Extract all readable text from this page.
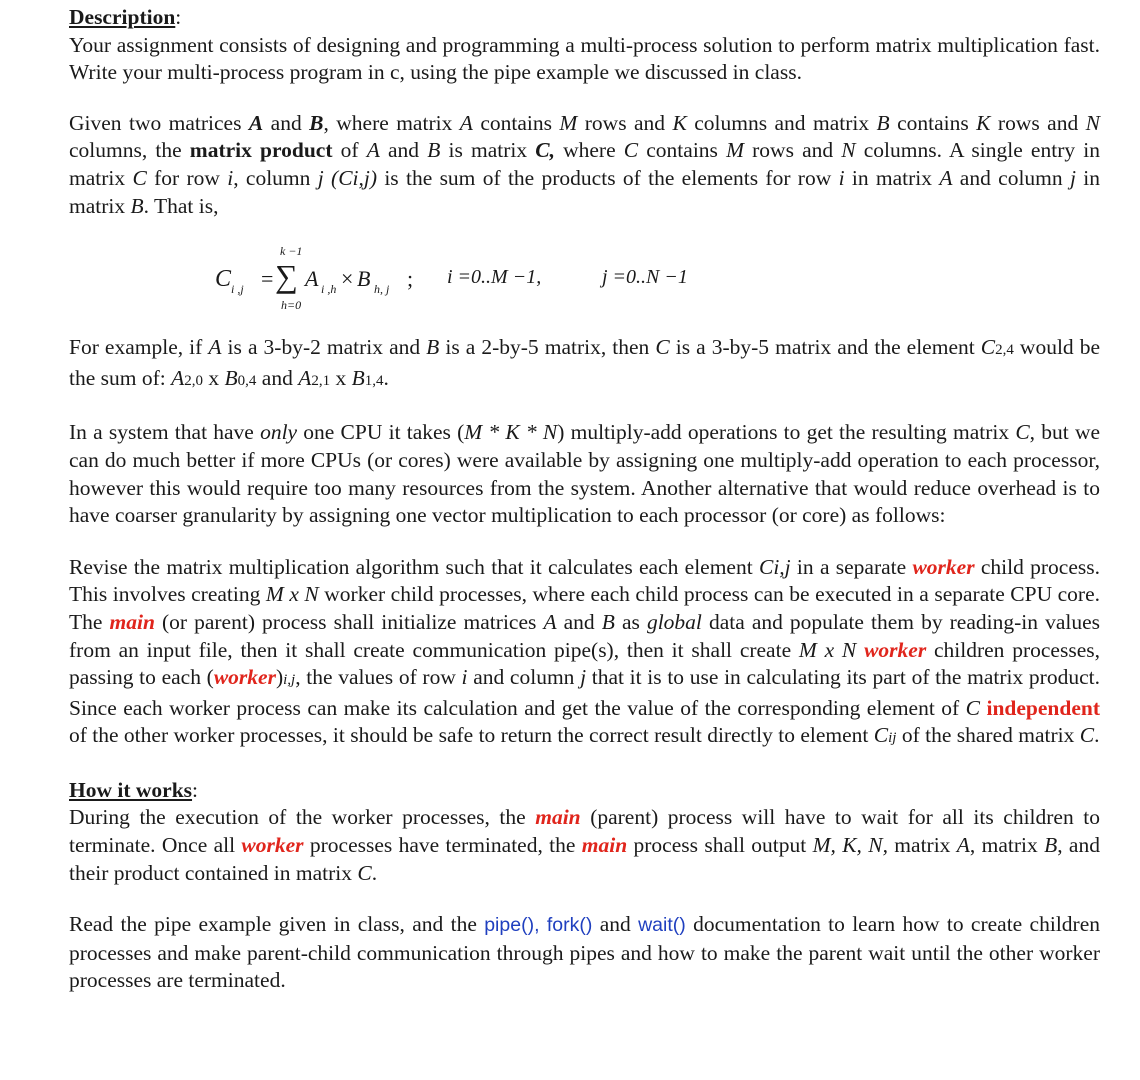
Description:

Your assignment consists of designing and programming a multi-process solution to perform matrix multiplication fast. Write your multi-process program in c, using the pipe example we discussed in class.

Given two matrices A and B, where matrix A contains M rows and K columns and matrix B contains K rows and N columns, the matrix product of A and B is matrix C, where C contains M rows and N columns. A single entry in matrix C for row i, column j (Ci,j) is the sum of the products of the elements for row i in matrix A and column j in matrix B. That is,

C i ,j =
k −1
∑
h=0
A i ,h × B h, j ; i =0..M −1,	j =0..N −1

For example, if A is a 3-by-2 matrix and B is a 2-by-5 matrix, then C is a 3-by-5 matrix and the element C2,4 would be the sum of: A2,0 x B0,4 and A2,1 x B1,4.

In a system that have only one CPU it takes (M * K * N) multiply-add operations to get the resulting matrix C, but we can do much better if more CPUs (or cores) were available by assigning one multiply-add operation to each processor, however this would require too many resources from the system. Another alternative that would reduce overhead is to have coarser granularity by assigning one vector multiplication to each processor (or core) as follows:

Revise the matrix multiplication algorithm such that it calculates each element Ci,j in a separate worker child process. This involves creating M x N worker child processes, where each child process can be executed in a separate CPU core. The main (or parent) process shall initialize matrices A and B as global data and populate them by reading-in values from an input file, then it shall create communication pipe(s), then it shall create M x N worker children processes, passing to each (worker)i,j, the values of row i and column j that it is to use in calculating its part of the matrix product. Since each worker process can make its calculation and get the value of the corresponding element of C independent of the other worker processes, it should be safe to return the correct result directly to element Cij of the shared matrix C.

How it works:

During the execution of the worker processes, the main (parent) process will have to wait for all its children to terminate. Once all worker processes have terminated, the main process shall output M, K, N, matrix A, matrix B, and their product contained in matrix C.

Read the pipe example given in class, and the pipe(), fork() and wait() documentation to learn how to create children processes and make parent-child communication through pipes and how to make the parent wait until the other worker processes are terminated.
